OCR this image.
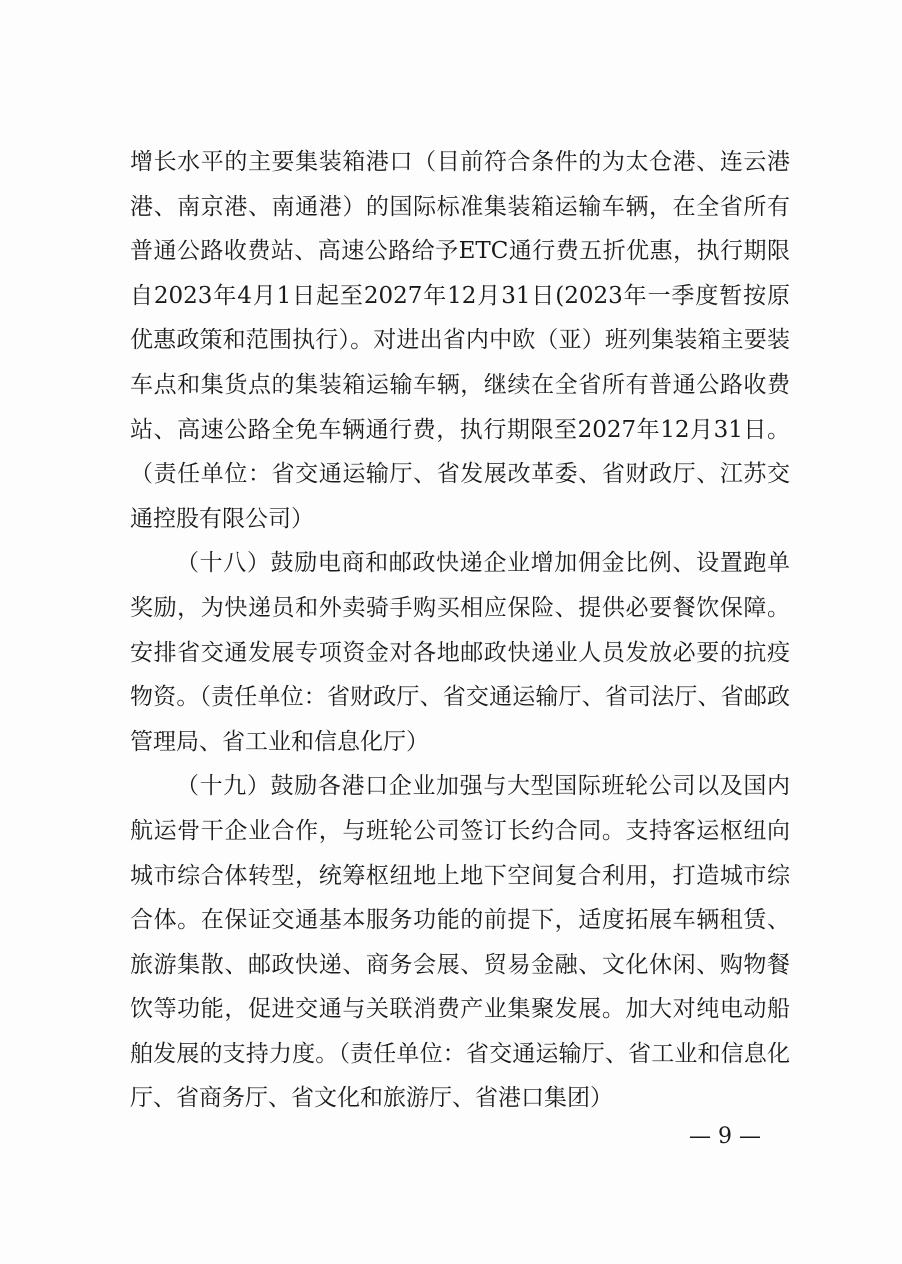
增长水平的主要集装箱港口（目前符合条件的为太仓港、连云港港、南京港、南通港）的国际标准集装箱运输车辆，在全省所有普通公路收费站、高速公路给予ETC通行费五折优惠，执行期限自2023年4月1日起至2027年12月31日(2023年一季度暂按原优惠政策和范围执行）。对进出省内中欧（亚）班列集装箱主要装车点和集货点的集装箱运输车辆，继续在全省所有普通公路收费站、高速公路全免车辆通行费，执行期限至2027年12月31日。（责任单位：省交通运输厅、省发展改革委、省财政厅、江苏交通控股有限公司）

（十八）鼓励电商和邮政快递企业增加佣金比例、设置跑单奖励，为快递员和外卖骑手购买相应保险、提供必要餐饮保障。安排省交通发展专项资金对各地邮政快递业人员发放必要的抗疫物资。（责任单位：省财政厅、省交通运输厅、省司法厅、省邮政管理局、省工业和信息化厅）

（十九）鼓励各港口企业加强与大型国际班轮公司以及国内航运骨干企业合作，与班轮公司签订长约合同。支持客运枢纽向城市综合体转型，统筹枢纽地上地下空间复合利用，打造城市综合体。在保证交通基本服务功能的前提下，适度拓展车辆租赁、旅游集散、邮政快递、商务会展、贸易金融、文化休闲、购物餐饮等功能，促进交通与关联消费产业集聚发展。加大对纯电动船舶发展的支持力度。（责任单位：省交通运输厅、省工业和信息化厅、省商务厅、省文化和旅游厅、省港口集团）

— 9 —
